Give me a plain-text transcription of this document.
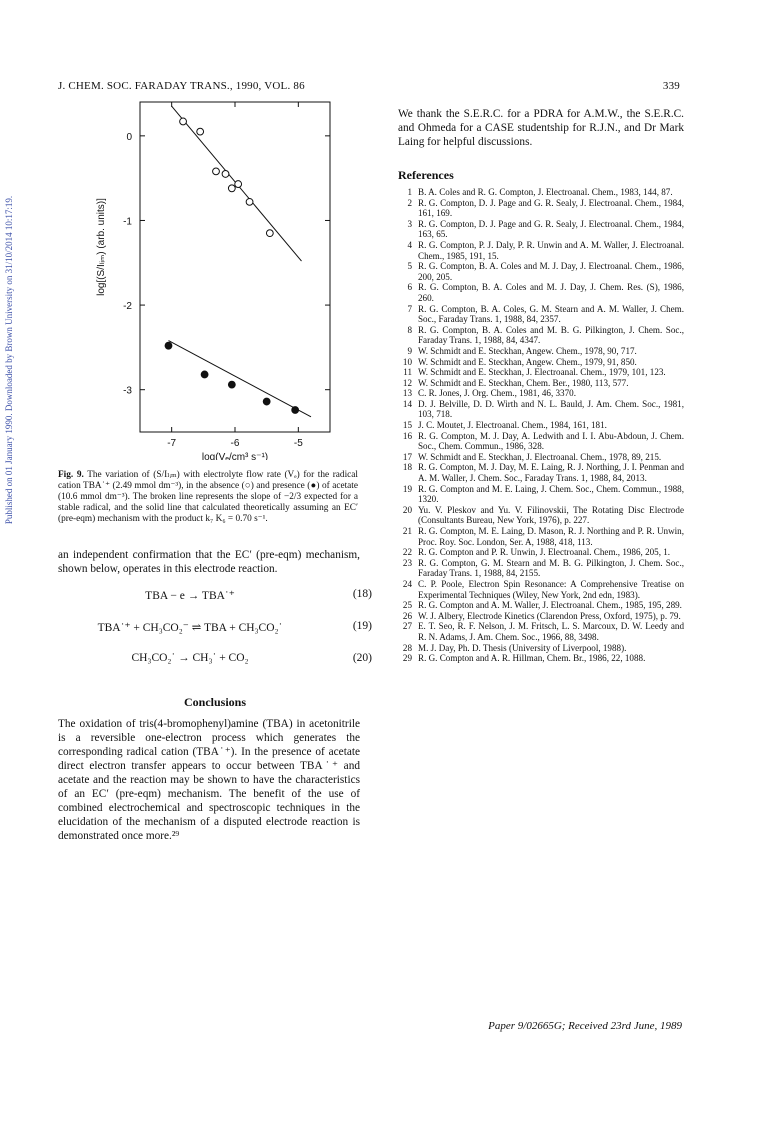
Published on 01 January 1990. Downloaded by Brown University on 31/10/2014 10:17:19.
J. CHEM. SOC. FARADAY TRANS., 1990, VOL. 86	339
-7	-6	-5
0
-1
-2
-3
log(Vₑ/cm³ s⁻¹)
log[(S/Iₗᵢₘ) (arb. units)]
Fig. 9. The variation of (S/Iₗᵢₘ) with electrolyte flow rate (Vₑ) for the radical cation TBA˙⁺ (2.49 mmol dm⁻³), in the absence (○) and presence (●) of acetate (10.6 mmol dm⁻³). The broken line represents the slope of −2/3 expected for a stable radical, and the solid line that calculated theoretically assuming an EC′ (pre-eqm) mechanism with the product k₇ K₆ = 0.70 s⁻¹.
an independent confirmation that the EC′ (pre-eqm) mechanism, shown below, operates in this electrode reaction.
TBA − e → TBA˙⁺	(18)
TBA˙⁺ + CH₃CO₂⁻ ⇌ TBA + CH₃CO₂˙	(19)
CH₃CO₂˙ → CH₃˙ + CO₂	(20)
Conclusions
The oxidation of tris(4-bromophenyl)amine (TBA) in acetonitrile is a reversible one-electron process which generates the corresponding radical cation (TBA˙⁺). In the presence of acetate direct electron transfer appears to occur between TBA˙⁺ and acetate and the reaction may be shown to have the characteristics of an EC′ (pre-eqm) mechanism. The benefit of the use of combined electrochemical and spectroscopic techniques in the elucidation of the mechanism of a disputed electrode reaction is demonstrated once more.²⁹
We thank the S.E.R.C. for a PDRA for A.M.W., the S.E.R.C. and Ohmeda for a CASE studentship for R.J.N., and Dr Mark Laing for helpful discussions.
References
1 B. A. Coles and R. G. Compton, J. Electroanal. Chem., 1983, 144, 87.
2 R. G. Compton, D. J. Page and G. R. Sealy, J. Electroanal. Chem., 1984, 161, 169.
3 R. G. Compton, D. J. Page and G. R. Sealy, J. Electroanal. Chem., 1984, 163, 65.
4 R. G. Compton, P. J. Daly, P. R. Unwin and A. M. Waller, J. Electroanal. Chem., 1985, 191, 15.
5 R. G. Compton, B. A. Coles and M. J. Day, J. Electroanal. Chem., 1986, 200, 205.
6 R. G. Compton, B. A. Coles and M. J. Day, J. Chem. Res. (S), 1986, 260.
7 R. G. Compton, B. A. Coles, G. M. Stearn and A. M. Waller, J. Chem. Soc., Faraday Trans. 1, 1988, 84, 2357.
8 R. G. Compton, B. A. Coles and M. B. G. Pilkington, J. Chem. Soc., Faraday Trans. 1, 1988, 84, 4347.
9 W. Schmidt and E. Steckhan, Angew. Chem., 1978, 90, 717.
10 W. Schmidt and E. Steckhan, Angew. Chem., 1979, 91, 850.
11 W. Schmidt and E. Steckhan, J. Electroanal. Chem., 1979, 101, 123.
12 W. Schmidt and E. Steckhan, Chem. Ber., 1980, 113, 577.
13 C. R. Jones, J. Org. Chem., 1981, 46, 3370.
14 D. J. Belville, D. D. Wirth and N. L. Bauld, J. Am. Chem. Soc., 1981, 103, 718.
15 J. C. Moutet, J. Electroanal. Chem., 1984, 161, 181.
16 R. G. Compton, M. J. Day, A. Ledwith and I. I. Abu-Abdoun, J. Chem. Soc., Chem. Commun., 1986, 328.
17 W. Schmidt and E. Steckhan, J. Electroanal. Chem., 1978, 89, 215.
18 R. G. Compton, M. J. Day, M. E. Laing, R. J. Northing, J. I. Penman and A. M. Waller, J. Chem. Soc., Faraday Trans. 1, 1988, 84, 2013.
19 R. G. Compton and M. E. Laing, J. Chem. Soc., Chem. Commun., 1988, 1320.
20 Yu. V. Pleskov and Yu. V. Filinovskii, The Rotating Disc Electrode (Consultants Bureau, New York, 1976), p. 227.
21 R. G. Compton, M. E. Laing, D. Mason, R. J. Northing and P. R. Unwin, Proc. Roy. Soc. London, Ser. A, 1988, 418, 113.
22 R. G. Compton and P. R. Unwin, J. Electroanal. Chem., 1986, 205, 1.
23 R. G. Compton, G. M. Stearn and M. B. G. Pilkington, J. Chem. Soc., Faraday Trans. 1, 1988, 84, 2155.
24 C. P. Poole, Electron Spin Resonance: A Comprehensive Treatise on Experimental Techniques (Wiley, New York, 2nd edn, 1983).
25 R. G. Compton and A. M. Waller, J. Electroanal. Chem., 1985, 195, 289.
26 W. J. Albery, Electrode Kinetics (Clarendon Press, Oxford, 1975), p. 79.
27 E. T. Seo, R. F. Nelson, J. M. Fritsch, L. S. Marcoux, D. W. Leedy and R. N. Adams, J. Am. Chem. Soc., 1966, 88, 3498.
28 M. J. Day, Ph. D. Thesis (University of Liverpool, 1988).
29 R. G. Compton and A. R. Hillman, Chem. Br., 1986, 22, 1088.
Paper 9/02665G; Received 23rd June, 1989
